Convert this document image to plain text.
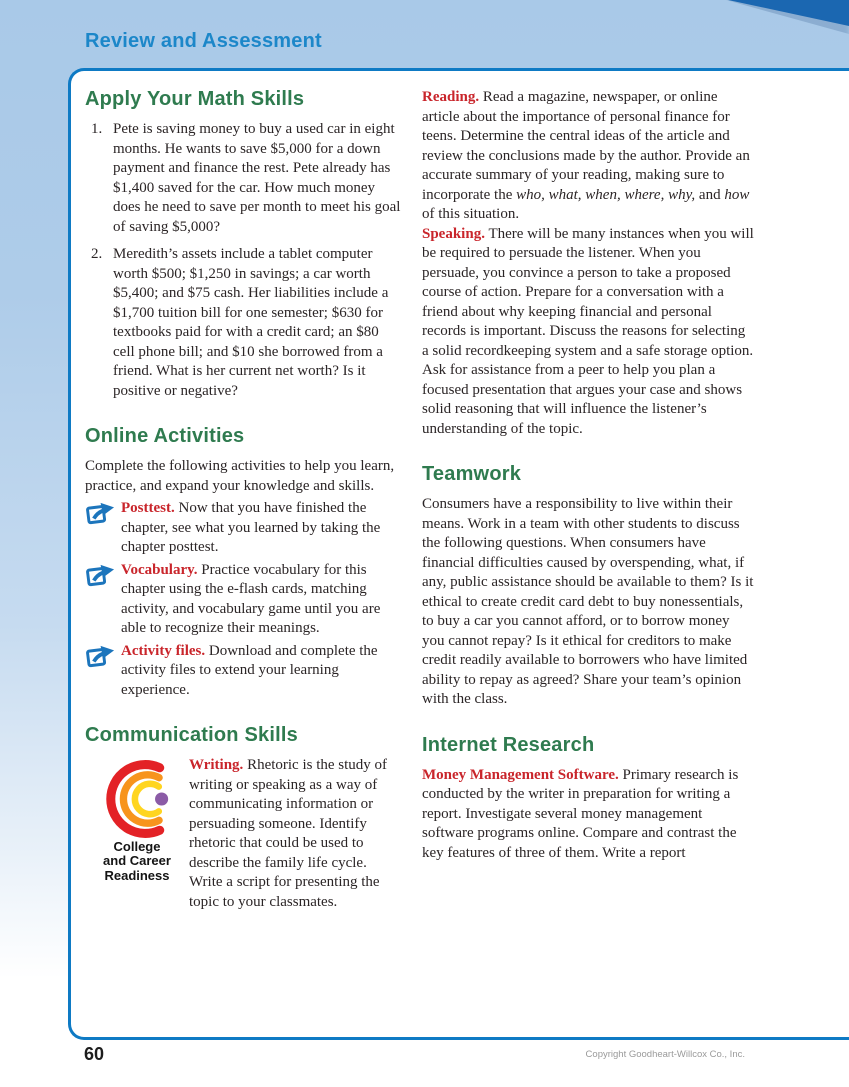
Review and Assessment
Apply Your Math Skills
1. Pete is saving money to buy a used car in eight months. He wants to save $5,000 for a down payment and finance the rest. Pete already has $1,400 saved for the car. How much money does he need to save per month to meet his goal of saving $5,000?

2. Meredith’s assets include a tablet computer worth $500; $1,250 in savings; a car worth $5,400; and $75 cash. Her liabilities include a $1,700 tuition bill for one semester; $630 for textbooks paid for with a credit card; an $80 cell phone bill; and $10 she borrowed from a friend. What is her current net worth? Is it positive or negative?

Online Activities

Complete the following activities to help you learn, practice, and expand your knowledge and skills.

Posttest. Now that you have finished the chapter, see what you learned by taking the chapter posttest.

Vocabulary. Practice vocabulary for this chapter using the e-flash cards, matching activity, and vocabulary game until you are able to recognize their meanings.

Activity files. Download and complete the activity files to extend your learning experience.

Communication Skills
College
and Career
Readiness

Writing. Rhetoric is the study of writing or speaking as a way of communicating information or persuading someone. Identify rhetoric that could be used to describe the family life cycle. Write a script for presenting the topic to your classmates.

Reading. Read a magazine, newspaper, or online article about the importance of personal finance for teens. Determine the central ideas of the article and review the conclusions made by the author. Provide an accurate summary of your reading, making sure to incorporate the who, what, when, where, why, and how of this situation.

Speaking. There will be many instances when you will be required to persuade the listener. When you persuade, you convince a person to take a proposed course of action. Prepare for a conversation with a friend about why keeping financial and personal records is important. Discuss the reasons for selecting a solid recordkeeping system and a safe storage option. Ask for assistance from a peer to help you plan a focused presentation that argues your case and shows solid reasoning that will influence the listener’s understanding of the topic.

Teamwork

Consumers have a responsibility to live within their means. Work in a team with other students to discuss the following questions. When consumers have financial difficulties caused by overspending, what, if any, public assistance should be available to them? Is it ethical to create credit card debt to buy nonessentials, to buy a car you cannot afford, or to borrow money you cannot repay? Is it ethical for creditors to make credit readily available to borrowers who have limited ability to repay as agreed? Share your team’s opinion with the class.

Internet Research

Money Management Software. Primary research is conducted by the writer in preparation for writing a report. Investigate several money management software programs online. Compare and contrast the key features of three of them. Write a report

60	Copyright Goodheart-Willcox Co., Inc.
